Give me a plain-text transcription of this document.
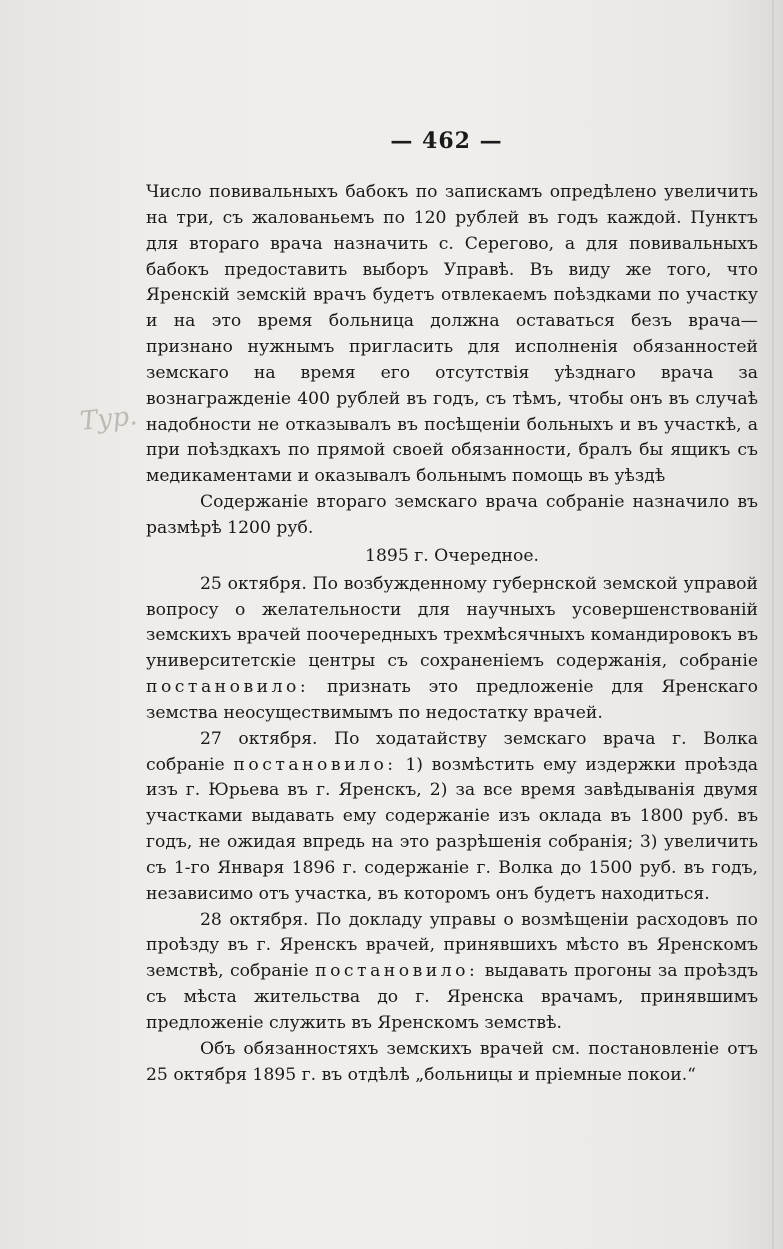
Тур.
— 462 —

Число повивальныхъ бабокъ по запискамъ опредѣлено увеличить на три, съ жалованьемъ по 120 рублей въ годъ каждой. Пунктъ для втораго врача назначить с. Серегово, а для повивальныхъ бабокъ предоставить выборъ Управѣ. Въ виду же того, что Яренскій земскій врачъ будетъ отвлекаемъ поѣздками по участку и на это время больница должна оставаться безъ врача— признано нужнымъ пригласить для исполненія обязанностей земскаго на время его отсутствія уѣзднаго врача за вознагражденіе 400 рублей въ годъ, съ тѣмъ, чтобы онъ въ случаѣ надобности не отказывалъ въ посѣщеніи больныхъ и въ участкѣ, а при поѣздкахъ по прямой своей обязанности, бралъ бы ящикъ съ медикаментами и оказывалъ больнымъ помощь въ уѣздѣ

Содержаніе втораго земскаго врача собраніе назначило въ размѣрѣ 1200 руб.

1895 г. Очередное.

25 октября. По возбужденному губернской земской управой вопросу о желательности для научныхъ усовершенствованій земскихъ врачей поочередныхъ трехмѣсячныхъ командировокъ въ университетскіе центры съ сохраненіемъ содержанія, собраніе постановило: признать это предложеніе для Яренскаго земства неосуществимымъ по недостатку врачей.

27 октября. По ходатайству земскаго врача г. Волка собраніе постановило: 1) возмѣстить ему издержки проѣзда изъ г. Юрьева въ г. Яренскъ, 2) за все время завѣдыванія двумя участками выдавать ему содержаніе изъ оклада въ 1800 руб. въ годъ, не ожидая впредь на это разрѣшенія собранія; 3) увеличить съ 1-го Января 1896 г. содержаніе г. Волка до 1500 руб. въ годъ, независимо отъ участка, въ которомъ онъ будетъ находиться.

28 октября. По докладу управы о возмѣщеніи расходовъ по проѣзду въ г. Яренскъ врачей, принявшихъ мѣсто въ Яренскомъ земствѣ, собраніе постановило: выдавать прогоны за проѣздъ съ мѣста жительства до г. Яренска врачамъ, принявшимъ предложеніе служить въ Яренскомъ земствѣ.

Объ обязанностяхъ земскихъ врачей см. постановленіе отъ 25 октября 1895 г. въ отдѣлѣ „больницы и пріемные покои.“
